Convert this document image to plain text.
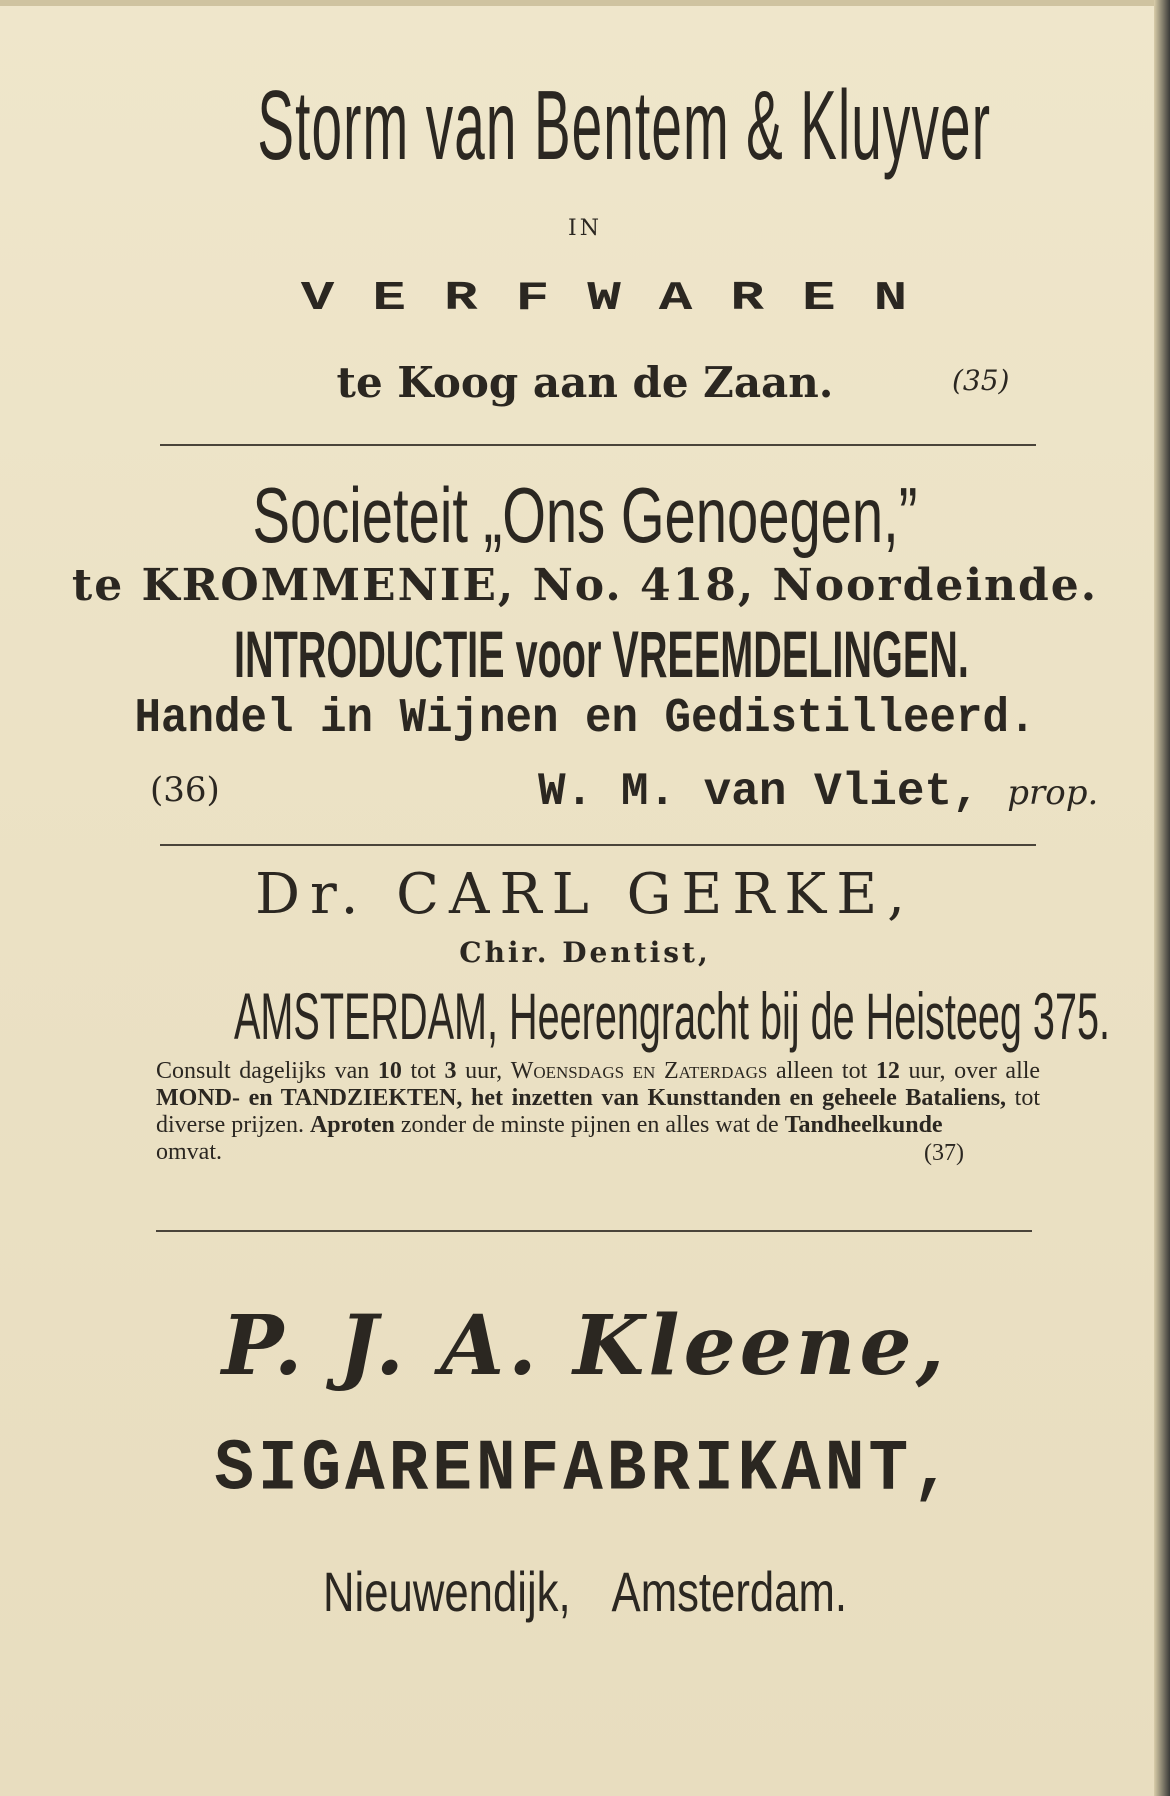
Storm van Bentem & Kluyver
IN
VERFWAREN
te Koog aan de Zaan.	(35)
Societeit „Ons Genoegen,”
te KROMMENIE, No. 418, Noordeinde.
INTRODUCTIE voor VREEMDELINGEN.
Handel in Wijnen en Gedistilleerd.
(36)	W. M. van Vliet, prop.
Dr. CARL GERKE,
Chir. Dentist,
AMSTERDAM, Heerengracht bij de Heisteeg 375.
Consult dagelijks van 10 tot 3 uur, Woensdags en Zaterdags alleen tot 12 uur, over alle MOND- en TANDZIEKTEN, het inzetten van Kunsttanden en geheele Bataliens, tot diverse prijzen. Aproten zonder de minste pijnen en alles wat de Tandheelkunde
omvat.	(37)
P. J. A. Kleene,
SIGARENFABRIKANT,
Nieuwendijk, Amsterdam.
